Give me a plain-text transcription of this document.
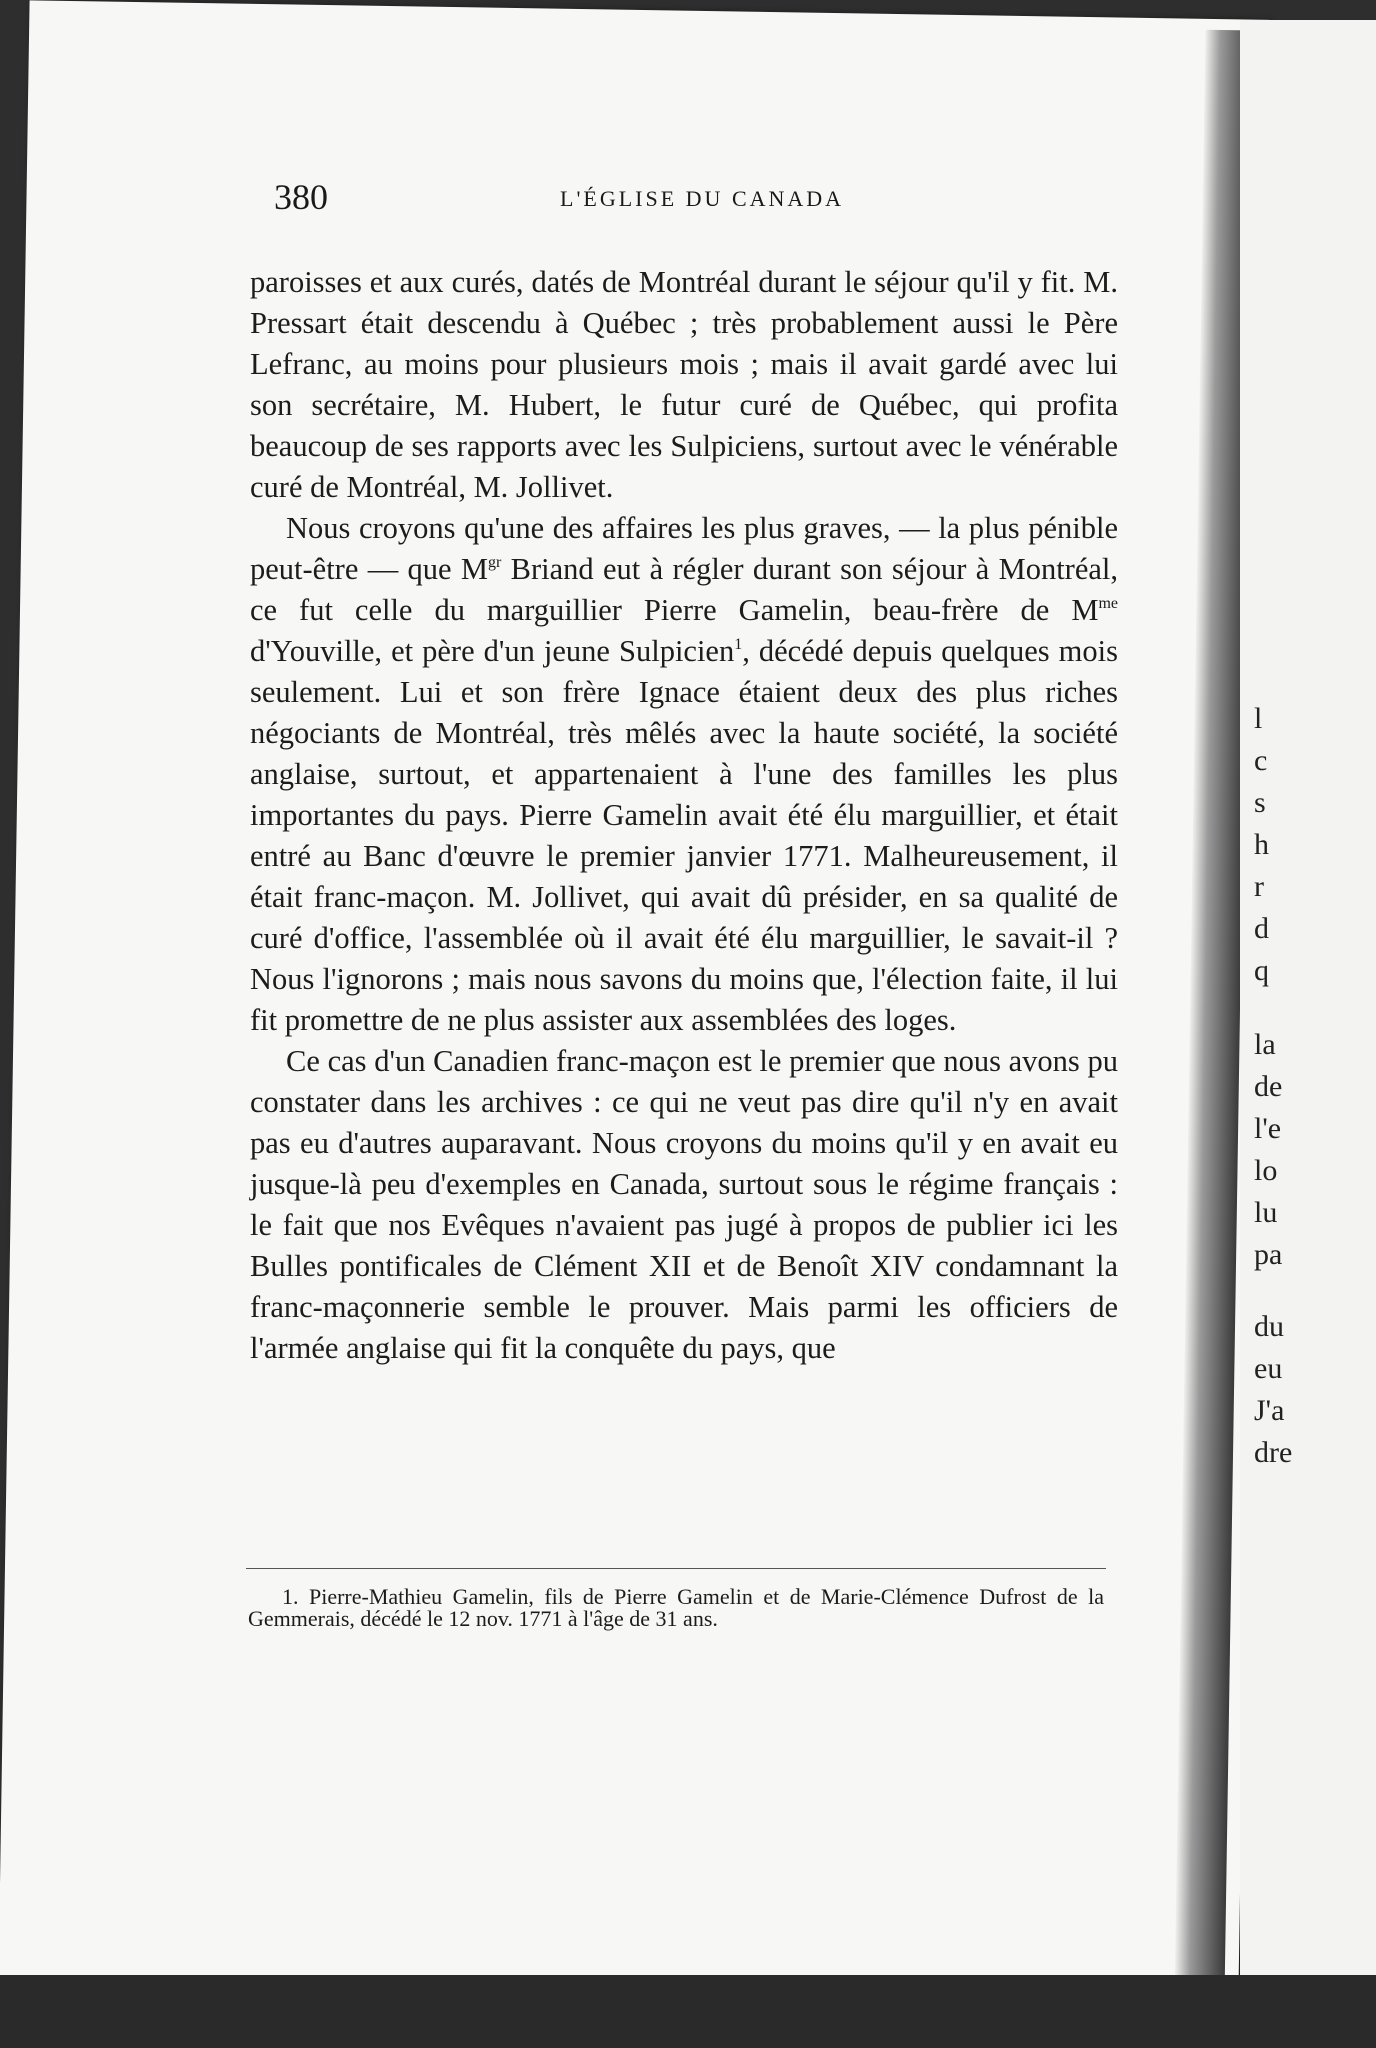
l
c
s
h
r
d
q
la
de
l'e
lo
lu
pa
du
eu
J'a
dre
380	L'ÉGLISE DU CANADA

paroisses et aux curés, datés de Montréal durant le séjour qu'il y fit. M. Pressart était descendu à Québec ; très probablement aussi le Père Lefranc, au moins pour plusieurs mois ; mais il avait gardé avec lui son secrétaire, M. Hubert, le futur curé de Québec, qui profita beaucoup de ses rapports avec les Sulpiciens, surtout avec le vénérable curé de Montréal, M. Jollivet.

Nous croyons qu'une des affaires les plus graves, — la plus pénible peut-être — que $M^{gr}$ Briand eut à régler durant son séjour à Montréal, ce fut celle du marguillier Pierre Gamelin, beau-frère de $M^{me}$ d'Youville, et père d'un jeune Sulpicien$^1$, décédé depuis quelques mois seulement. Lui et son frère Ignace étaient deux des plus riches négociants de Montréal, très mêlés avec la haute société, la société anglaise, surtout, et appartenaient à l'une des familles les plus importantes du pays. Pierre Gamelin avait été élu marguillier, et était entré au Banc d'œuvre le premier janvier 1771. Malheureusement, il était franc-maçon. M. Jollivet, qui avait dû présider, en sa qualité de curé d'office, l'assemblée où il avait été élu marguillier, le savait-il ? Nous l'ignorons ; mais nous savons du moins que, l'élection faite, il lui fit promettre de ne plus assister aux assemblées des loges.

Ce cas d'un Canadien franc-maçon est le premier que nous avons pu constater dans les archives : ce qui ne veut pas dire qu'il n'y en avait pas eu d'autres auparavant. Nous croyons du moins qu'il y en avait eu jusque-là peu d'exemples en Canada, surtout sous le régime français : le fait que nos Evêques n'avaient pas jugé à propos de publier ici les Bulles pontificales de Clément XII et de Benoît XIV condamnant la franc-maçonnerie semble le prouver. Mais parmi les officiers de l'armée anglaise qui fit la conquête du pays, que

1. Pierre-Mathieu Gamelin, fils de Pierre Gamelin et de Marie-Clémence Dufrost de la Gemmerais, décédé le 12 nov. 1771 à l'âge de 31 ans.
